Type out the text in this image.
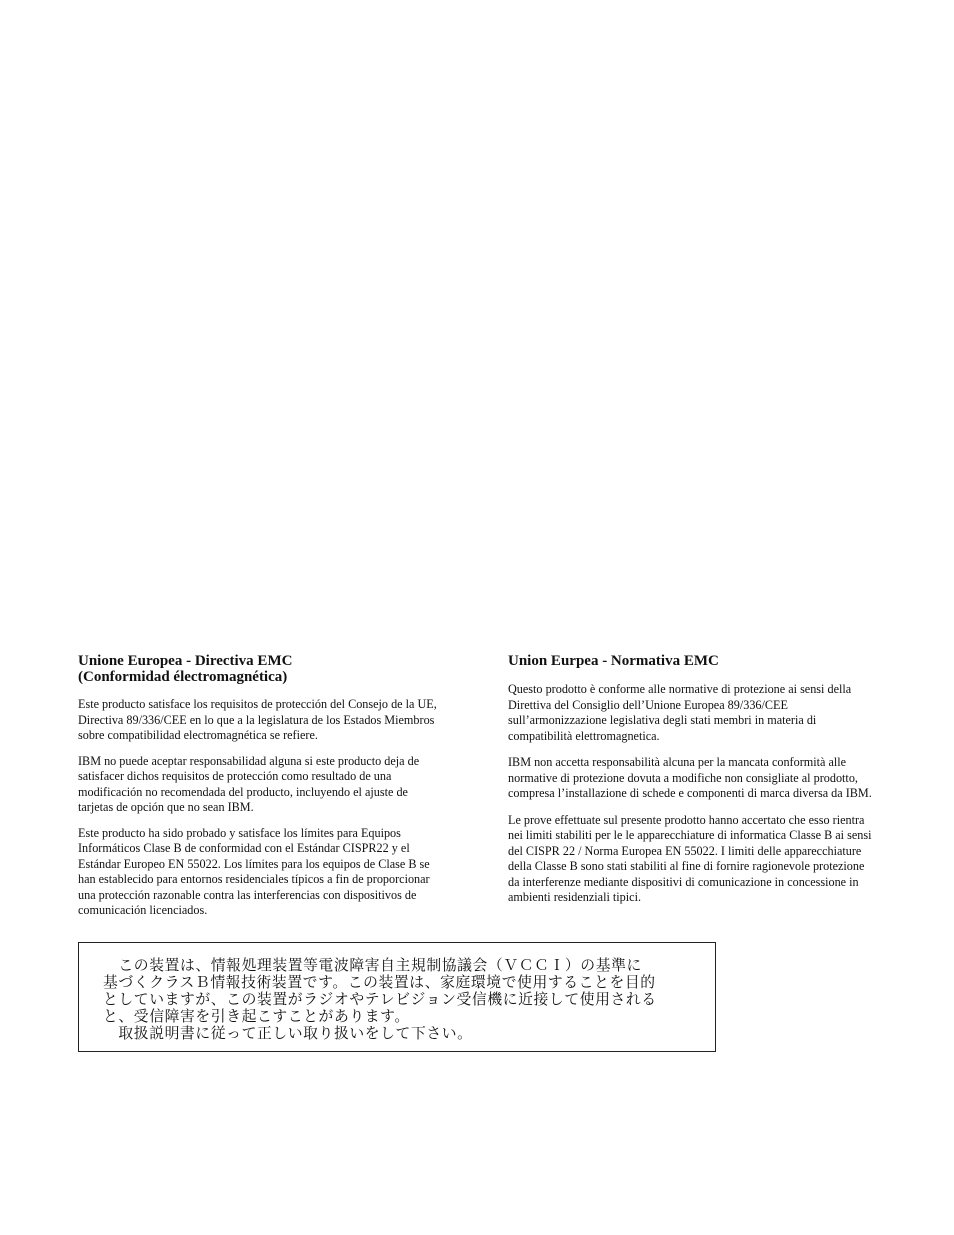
Unione Europea - Directiva EMC
(Conformidad électromagnética)

Este producto satisface los requisitos de protección del Consejo de la UE, Directiva 89/336/CEE en lo que a la legislatura de los Estados Miembros sobre compatibilidad electromagnética se refiere.

IBM no puede aceptar responsabilidad alguna si este producto deja de satisfacer dichos requisitos de protección como resultado de una modificación no recomendada del producto, incluyendo el ajuste de tarjetas de opción que no sean IBM.

Este producto ha sido probado y satisface los límites para Equipos Informáticos Clase B de conformidad con el Estándar CISPR22 y el Estándar Europeo EN 55022. Los límites para los equipos de Clase B se han establecido para entornos residenciales típicos a fin de proporcionar una protección razonable contra las interferencias con dispositivos de comunicación licenciados.

Union Eurpea - Normativa EMC

Questo prodotto è conforme alle normative di protezione ai sensi della Direttiva del Consiglio dell’Unione Europea 89/336/CEE sull’armonizzazione legislativa degli stati membri in materia di compatibilità elettromagnetica.

IBM non accetta responsabilità alcuna per la mancata conformità alle normative di protezione dovuta a modifiche non consigliate al prodotto, compresa l’installazione di schede e componenti di marca diversa da IBM.

Le prove effettuate sul presente prodotto hanno accertato che esso rientra nei limiti stabiliti per le le apparecchiature di informatica Classe B ai sensi del CISPR 22 / Norma Europea EN 55022. I limiti delle apparecchiature della Classe B sono stati stabiliti al fine di fornire ragionevole protezione da interferenze mediante dispositivi di comunicazione in concessione in ambienti residenziali tipici.

　この装置は、情報処理装置等電波障害自主規制協議会（ＶＣＣＩ）の基準に
基づくクラスＢ情報技術装置です。この装置は、家庭環境で使用することを目的
としていますが、この装置がラジオやテレビジョン受信機に近接して使用される
と、受信障害を引き起こすことがあります。
　取扱説明書に従って正しい取り扱いをして下さい。
